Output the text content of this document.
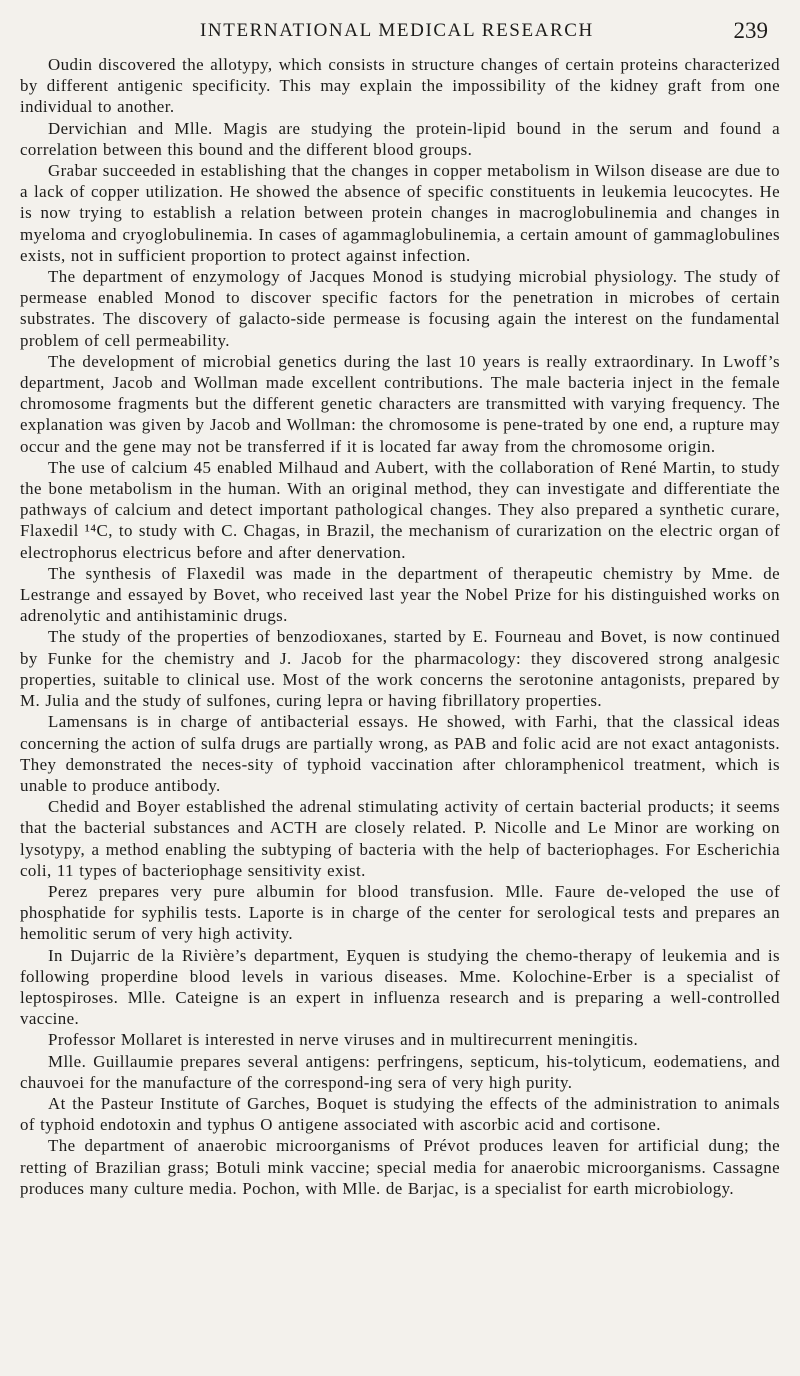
INTERNATIONAL MEDICAL RESEARCH	239

Oudin discovered the allotypy, which consists in structure changes of certain proteins characterized by different antigenic specificity. This may explain the impossibility of the kidney graft from one individual to another.

Dervichian and Mlle. Magis are studying the protein-lipid bound in the serum and found a correlation between this bound and the different blood groups.

Grabar succeeded in establishing that the changes in copper metabolism in Wilson disease are due to a lack of copper utilization. He showed the absence of specific constituents in leukemia leucocytes. He is now trying to establish a relation between protein changes in macroglobulinemia and changes in myeloma and cryoglobulinemia. In cases of agammaglobulinemia, a certain amount of gammaglobulines exists, not in sufficient proportion to protect against infection.

The department of enzymology of Jacques Monod is studying microbial physiology. The study of permease enabled Monod to discover specific factors for the penetration in microbes of certain substrates. The discovery of galacto-side permease is focusing again the interest on the fundamental problem of cell permeability.

The development of microbial genetics during the last 10 years is really extraordinary. In Lwoff’s department, Jacob and Wollman made excellent contributions. The male bacteria inject in the female chromosome fragments but the different genetic characters are transmitted with varying frequency. The explanation was given by Jacob and Wollman: the chromosome is pene-trated by one end, a rupture may occur and the gene may not be transferred if it is located far away from the chromosome origin.

The use of calcium 45 enabled Milhaud and Aubert, with the collaboration of René Martin, to study the bone metabolism in the human. With an original method, they can investigate and differentiate the pathways of calcium and detect important pathological changes. They also prepared a synthetic curare, Flaxedil ¹⁴C, to study with C. Chagas, in Brazil, the mechanism of curarization on the electric organ of electrophorus electricus before and after denervation.

The synthesis of Flaxedil was made in the department of therapeutic chemistry by Mme. de Lestrange and essayed by Bovet, who received last year the Nobel Prize for his distinguished works on adrenolytic and antihistaminic drugs.

The study of the properties of benzodioxanes, started by E. Fourneau and Bovet, is now continued by Funke for the chemistry and J. Jacob for the pharmacology: they discovered strong analgesic properties, suitable to clinical use. Most of the work concerns the serotonine antagonists, prepared by M. Julia and the study of sulfones, curing lepra or having fibrillatory properties.

Lamensans is in charge of antibacterial essays. He showed, with Farhi, that the classical ideas concerning the action of sulfa drugs are partially wrong, as PAB and folic acid are not exact antagonists. They demonstrated the neces-sity of typhoid vaccination after chloramphenicol treatment, which is unable to produce antibody.

Chedid and Boyer established the adrenal stimulating activity of certain bacterial products; it seems that the bacterial substances and ACTH are closely related. P. Nicolle and Le Minor are working on lysotypy, a method enabling the subtyping of bacteria with the help of bacteriophages. For Escherichia coli, 11 types of bacteriophage sensitivity exist.

Perez prepares very pure albumin for blood transfusion. Mlle. Faure de-veloped the use of phosphatide for syphilis tests. Laporte is in charge of the center for serological tests and prepares an hemolitic serum of very high activity.

In Dujarric de la Rivière’s department, Eyquen is studying the chemo-therapy of leukemia and is following properdine blood levels in various diseases. Mme. Kolochine-Erber is a specialist of leptospiroses. Mlle. Cateigne is an expert in influenza research and is preparing a well-controlled vaccine.

Professor Mollaret is interested in nerve viruses and in multirecurrent meningitis.

Mlle. Guillaumie prepares several antigens: perfringens, septicum, his-tolyticum, eodematiens, and chauvoei for the manufacture of the correspond-ing sera of very high purity.

At the Pasteur Institute of Garches, Boquet is studying the effects of the administration to animals of typhoid endotoxin and typhus O antigene associated with ascorbic acid and cortisone.

The department of anaerobic microorganisms of Prévot produces leaven for artificial dung; the retting of Brazilian grass; Botuli mink vaccine; special media for anaerobic microorganisms. Cassagne produces many culture media. Pochon, with Mlle. de Barjac, is a specialist for earth microbiology.
